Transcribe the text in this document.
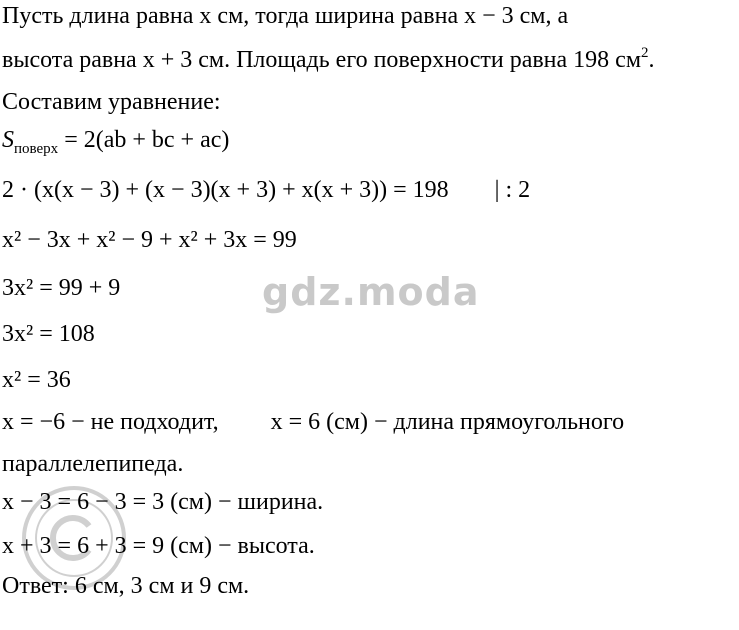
Пусть длина равна x см, тогда ширина равна x − 3 см, а
высота равна x + 3 см. Площадь его поверхности равна 198 $см^2$.
Составим уравнение:
$S_{поверх} = 2(ab$ + bc + ac)
2 · (x(x − 3) + (x − 3)(x + 3) + x(x + 3)) = 198 | : 2
x² − 3x + x² − 9 + x² + 3x = 99
3x² = 99 + 9
3x² = 108
x² = 36
x = −6 − не подходит, x = 6 (см) − длина прямоугольного
параллелепипеда.
x − 3 = 6 − 3 = 3 (см) − ширина.
x + 3 = 6 + 3 = 9 (см) − высота.
Ответ: 6 см, 3 см и 9 см.
gdz.moda
